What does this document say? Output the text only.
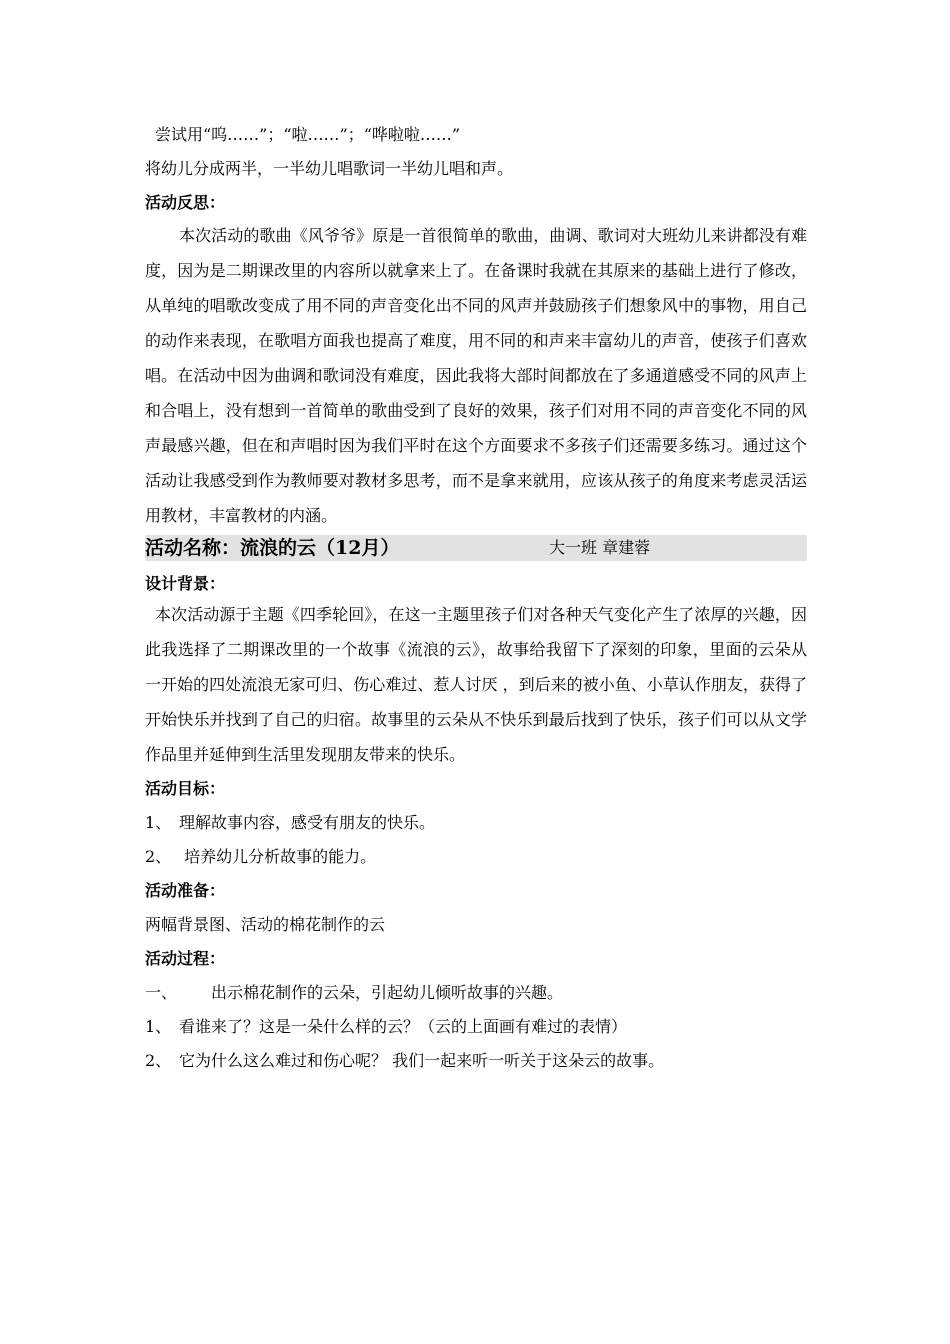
尝试用“呜……”；“啦……”；“哗啦啦……”
将幼儿分成两半，一半幼儿唱歌词一半幼儿唱和声。
活动反思：
本次活动的歌曲《风爷爷》原是一首很简单的歌曲，曲调、歌词对大班幼儿来讲都没有难度，因为是二期课改里的内容所以就拿来上了。在备课时我就在其原来的基础上进行了修改，从单纯的唱歌改变成了用不同的声音变化出不同的风声并鼓励孩子们想象风中的事物，用自己的动作来表现，在歌唱方面我也提高了难度，用不同的和声来丰富幼儿的声音，使孩子们喜欢唱。在活动中因为曲调和歌词没有难度，因此我将大部时间都放在了多通道感受不同的风声上和合唱上，没有想到一首简单的歌曲受到了良好的效果，孩子们对用不同的声音变化不同的风声最感兴趣，但在和声唱时因为我们平时在这个方面要求不多孩子们还需要多练习。通过这个活动让我感受到作为教师要对教材多思考，而不是拿来就用，应该从孩子的角度来考虑灵活运用教材，丰富教材的内涵。
活动名称：流浪的云（12月）	大一班 章建蓉
设计背景：
本次活动源于主题《四季轮回》，在这一主题里孩子们对各种天气变化产生了浓厚的兴趣，因此我选择了二期课改里的一个故事《流浪的云》，故事给我留下了深刻的印象，里面的云朵从一开始的四处流浪无家可归、伤心难过、惹人讨厌 ，到后来的被小鱼、小草认作朋友，获得了开始快乐并找到了自己的归宿。故事里的云朵从不快乐到最后找到了快乐，孩子们可以从文学作品里并延伸到生活里发现朋友带来的快乐。
活动目标：
1、 理解故事内容，感受有朋友的快乐。
2、 培养幼儿分析故事的能力。
活动准备：
两幅背景图、活动的棉花制作的云
活动过程：
一、 出示棉花制作的云朵，引起幼儿倾听故事的兴趣。
1、 看谁来了？这是一朵什么样的云？（云的上面画有难过的表情）
2、 它为什么这么难过和伤心呢？ 我们一起来听一听关于这朵云的故事。
